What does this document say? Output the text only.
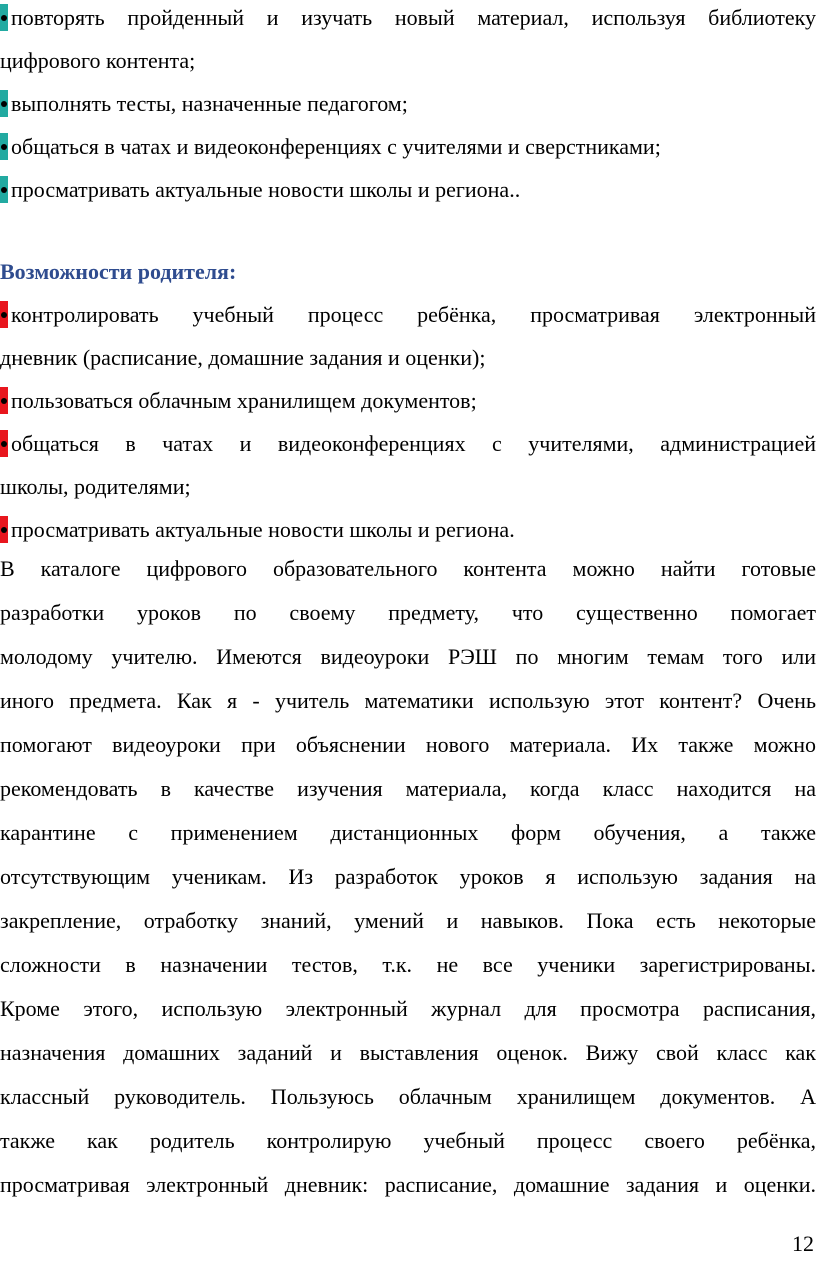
повторять пройденный и изучать новый материал, используя библиотеку

цифрового контента;

выполнять тесты, назначенные педагогом;

общаться в чатах и видеоконференциях с учителями и сверстниками;

просматривать актуальные новости школы и региона..

Возможности родителя:

контролировать учебный процесс ребёнка, просматривая электронный

дневник (расписание, домашние задания и оценки);

пользоваться облачным хранилищем документов;

общаться в чатах и видеоконференциях с учителями, администрацией

школы, родителями;

просматривать актуальные новости школы и региона.

В каталоге цифрового образовательного контента можно найти готовые

разработки уроков по своему предмету, что существенно помогает

молодому учителю. Имеются видеоуроки РЭШ по многим темам того или

иного предмета. Как я - учитель математики использую этот контент? Очень

помогают видеоуроки при объяснении нового материала. Их также можно

рекомендовать в качестве изучения материала, когда класс находится на

карантине с применением дистанционных форм обучения, а также

отсутствующим ученикам. Из разработок уроков я использую задания на

закрепление, отработку знаний, умений и навыков. Пока есть некоторые

сложности в назначении тестов, т.к. не все ученики зарегистрированы.

Кроме этого, использую электронный журнал для просмотра расписания,

назначения домашних заданий и выставления оценок. Вижу свой класс как

классный руководитель. Пользуюсь облачным хранилищем документов. А

также как родитель контролирую учебный процесс своего ребёнка,

просматривая электронный дневник: расписание, домашние задания и оценки.

12
